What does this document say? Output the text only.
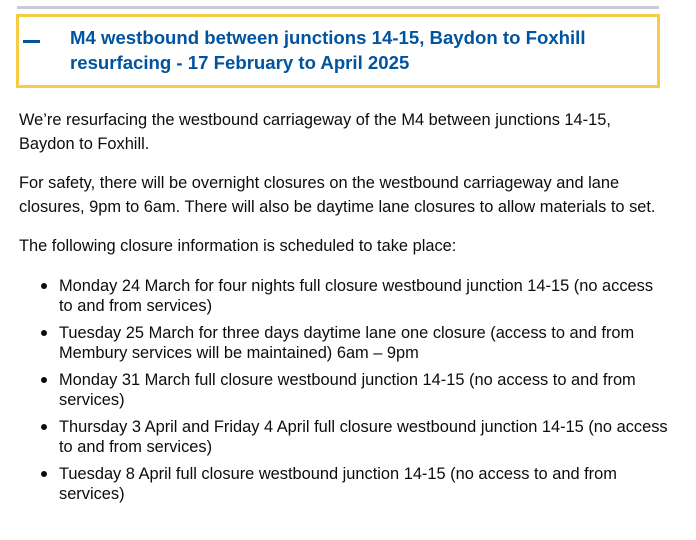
M4 westbound between junctions 14-15, Baydon to Foxhill resurfacing - 17 February to April 2025

We’re resurfacing the westbound carriageway of the M4 between junctions 14-15, Baydon to Foxhill.

For safety, there will be overnight closures on the westbound carriageway and lane closures, 9pm to 6am. There will also be daytime lane closures to allow materials to set.

The following closure information is scheduled to take place:

Monday 24 March for four nights full closure westbound junction 14-15 (no access to and from services)
Tuesday 25 March for three days daytime lane one closure (access to and from Membury services will be maintained) 6am – 9pm
Monday 31 March full closure westbound junction 14-15 (no access to and from services)
Thursday 3 April and Friday 4 April full closure westbound junction 14-15 (no access to and from services)
Tuesday 8 April full closure westbound junction 14-15 (no access to and from services)
